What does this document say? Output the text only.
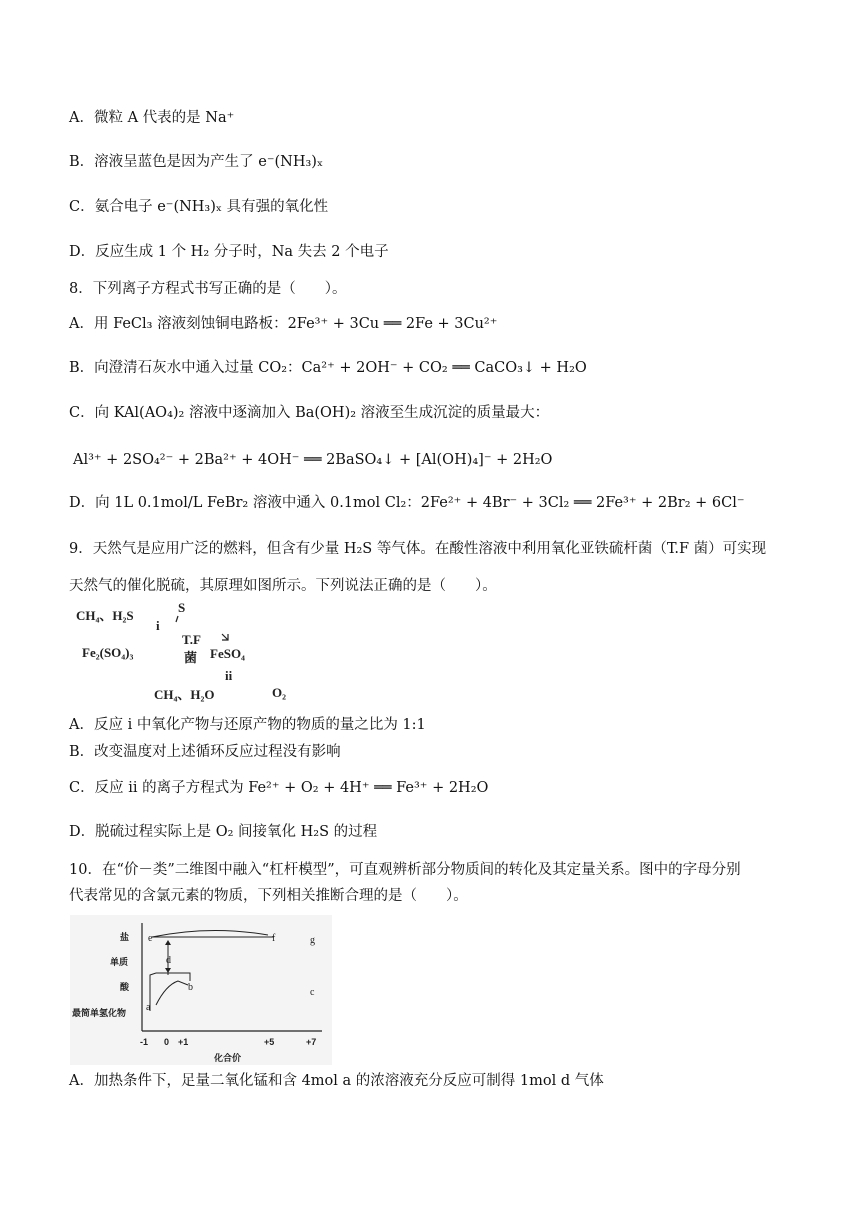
A．微粒 A 代表的是 Na⁺
B．溶液呈蓝色是因为产生了 e⁻(NH₃)ₓ
C．氨合电子 e⁻(NH₃)ₓ 具有强的氧化性
D．反应生成 1 个 H₂ 分子时，Na 失去 2 个电子
8．下列离子方程式书写正确的是（　　）。
A．用 FeCl₃ 溶液刻蚀铜电路板：2Fe³⁺ + 3Cu ══ 2Fe + 3Cu²⁺
B．向澄清石灰水中通入过量 CO₂：Ca²⁺ + 2OH⁻ + CO₂ ══ CaCO₃↓ + H₂O
C．向 KAl(AO₄)₂ 溶液中逐滴加入 Ba(OH)₂ 溶液至生成沉淀的质量最大：
Al³⁺ + 2SO₄²⁻ + 2Ba²⁺ + 4OH⁻ ══ 2BaSO₄↓ + [Al(OH)₄]⁻ + 2H₂O
D．向 1L 0.1mol/L FeBr₂ 溶液中通入 0.1mol Cl₂：2Fe²⁺ + 4Br⁻ + 3Cl₂ ══ 2Fe³⁺ + 2Br₂ + 6Cl⁻
9．天然气是应用广泛的燃料，但含有少量 H₂S 等气体。在酸性溶液中利用氧化亚铁硫杆菌（T.F 菌）可实现
天然气的催化脱硫，其原理如图所示。下列说法正确的是（　　）。
CH₄、H₂S
S
i
T.F
菌
Fe₂(SO₄)₃	FeSO₄
ii
CH₄、H₂O	O₂
A．反应 i 中氧化产物与还原产物的物质的量之比为 1:1
B．改变温度对上述循环反应过程没有影响
C．反应 ii 的离子方程式为 Fe²⁺ + O₂ + 4H⁺ ══ Fe³⁺ + 2H₂O
D．脱硫过程实际上是 O₂ 间接氧化 H₂S 的过程
10．在“价－类”二维图中融入“杠杆模型”，可直观辨析部分物质间的转化及其定量关系。图中的字母分别
代表常见的含氯元素的物质，下列相关推断合理的是（　　）。
盐
单质
酸
最简单氢化物
-1 0 +1	+5	+7
化合价
e	f	g
d
b
a
c
A．加热条件下，足量二氧化锰和含 4mol a 的浓溶液充分反应可制得 1mol d 气体
